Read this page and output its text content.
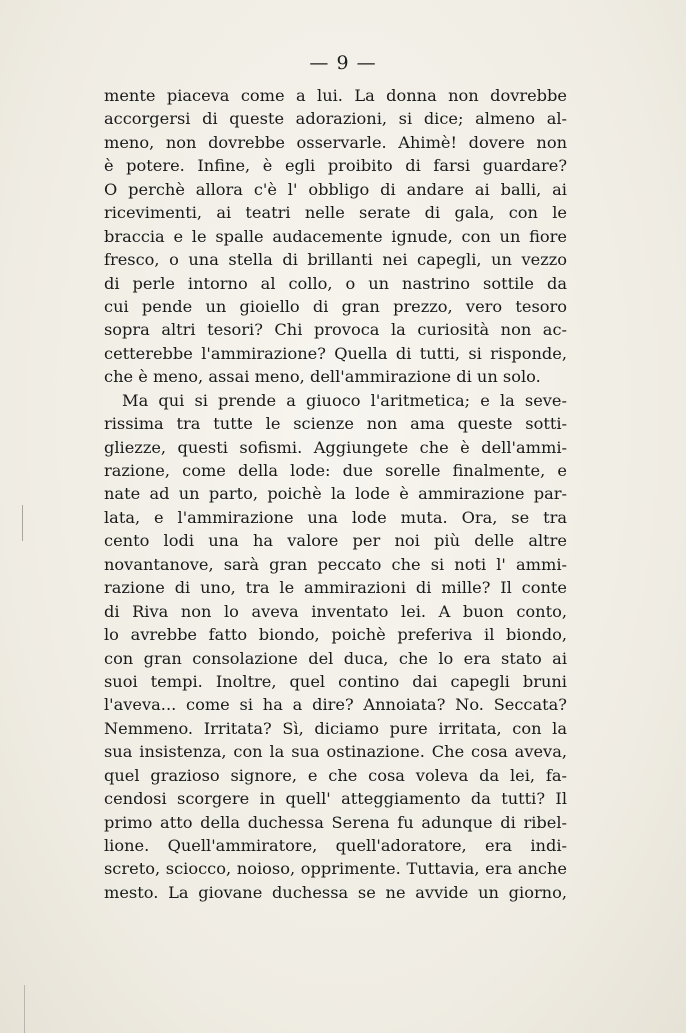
— 9 —
mente piaceva come a lui. La donna non dovrebbe
accorgersi di queste adorazioni, si dice; almeno al-
meno, non dovrebbe osservarle. Ahimè! dovere non
è potere. Infine, è egli proibito di farsi guardare?
O perchè allora c'è l' obbligo di andare ai balli, ai
ricevimenti, ai teatri nelle serate di gala, con le
braccia e le spalle audacemente ignude, con un fiore
fresco, o una stella di brillanti nei capegli, un vezzo
di perle intorno al collo, o un nastrino sottile da
cui pende un gioiello di gran prezzo, vero tesoro
sopra altri tesori? Chi provoca la curiosità non ac-
cetterebbe l'ammirazione? Quella di tutti, si risponde,
che è meno, assai meno, dell'ammirazione di un solo.
Ma qui si prende a giuoco l'aritmetica; e la seve-
rissima tra tutte le scienze non ama queste sotti-
gliezze, questi sofismi. Aggiungete che è dell'ammi-
razione, come della lode: due sorelle finalmente, e
nate ad un parto, poichè la lode è ammirazione par-
lata, e l'ammirazione una lode muta. Ora, se tra
cento lodi una ha valore per noi più delle altre
novantanove, sarà gran peccato che si noti l' ammi-
razione di uno, tra le ammirazioni di mille? Il conte
di Riva non lo aveva inventato lei. A buon conto,
lo avrebbe fatto biondo, poichè preferiva il biondo,
con gran consolazione del duca, che lo era stato ai
suoi tempi. Inoltre, quel contino dai capegli bruni
l'aveva... come si ha a dire? Annoiata? No. Seccata?
Nemmeno. Irritata? Sì, diciamo pure irritata, con la
sua insistenza, con la sua ostinazione. Che cosa aveva,
quel grazioso signore, e che cosa voleva da lei, fa-
cendosi scorgere in quell' atteggiamento da tutti? Il
primo atto della duchessa Serena fu adunque di ribel-
lione. Quell'ammiratore, quell'adoratore, era indi-
screto, sciocco, noioso, opprimente. Tuttavia, era anche
mesto. La giovane duchessa se ne avvide un giorno,
